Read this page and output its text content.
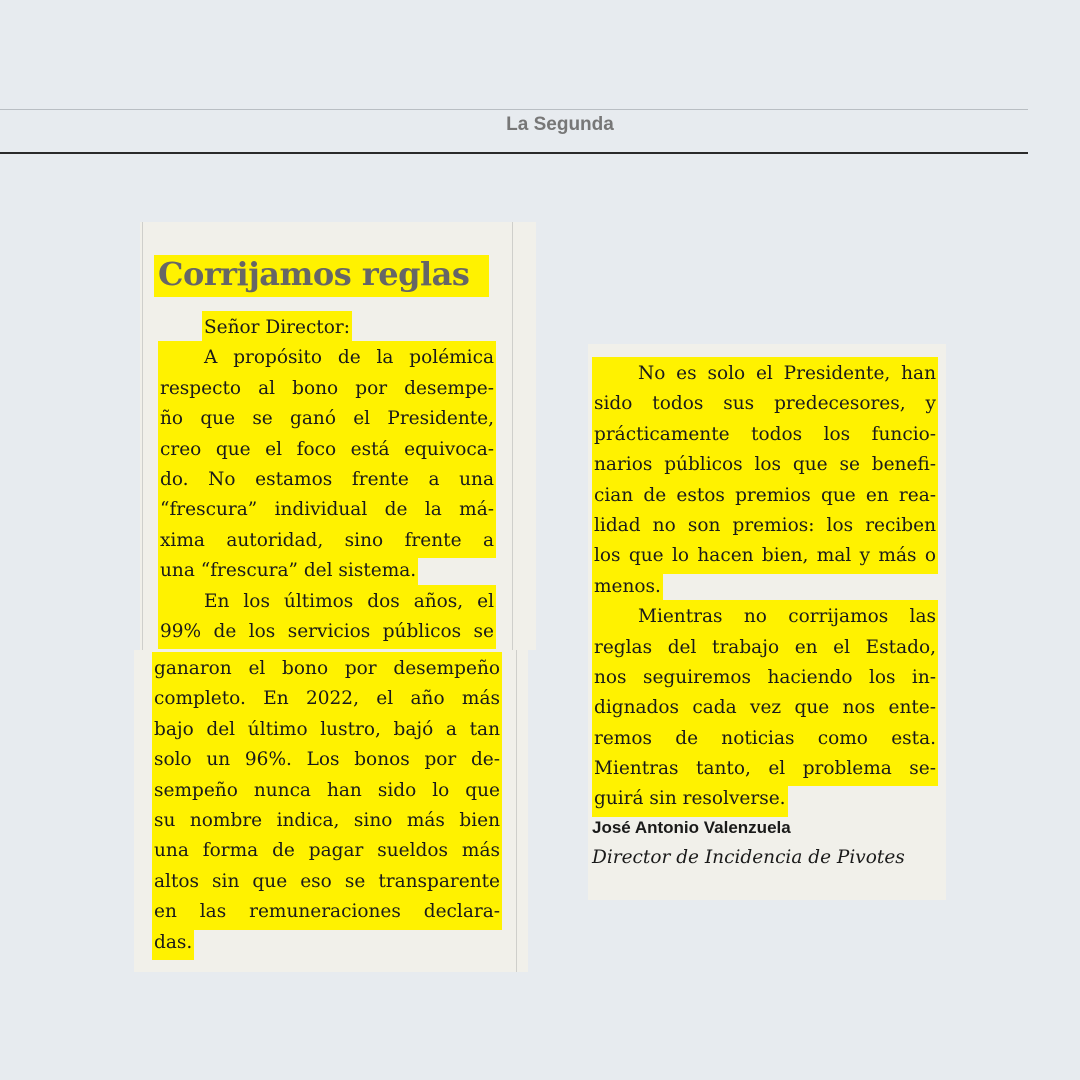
La Segunda
Corrijamos reglas
Señor Director:
A propósito de la polémica
respecto al bono por desempe-
ño que se ganó el Presidente,
creo que el foco está equivoca-
do. No estamos frente a una
“frescura” individual de la má-
xima autoridad, sino frente a
una “frescura” del sistema.
En los últimos dos años, el
99% de los servicios públicos se
ganaron el bono por desempeño
completo. En 2022, el año más
bajo del último lustro, bajó a tan
solo un 96%. Los bonos por de-
sempeño nunca han sido lo que
su nombre indica, sino más bien
una forma de pagar sueldos más
altos sin que eso se transparente
en las remuneraciones declara-
das.
No es solo el Presidente, han
sido todos sus predecesores, y
prácticamente todos los funcio-
narios públicos los que se benefi-
cian de estos premios que en rea-
lidad no son premios: los reciben
los que lo hacen bien, mal y más o
menos.
Mientras no corrijamos las
reglas del trabajo en el Estado,
nos seguiremos haciendo los in-
dignados cada vez que nos ente-
remos de noticias como esta.
Mientras tanto, el problema se-
guirá sin resolverse.
José Antonio Valenzuela
Director de Incidencia de Pivotes
